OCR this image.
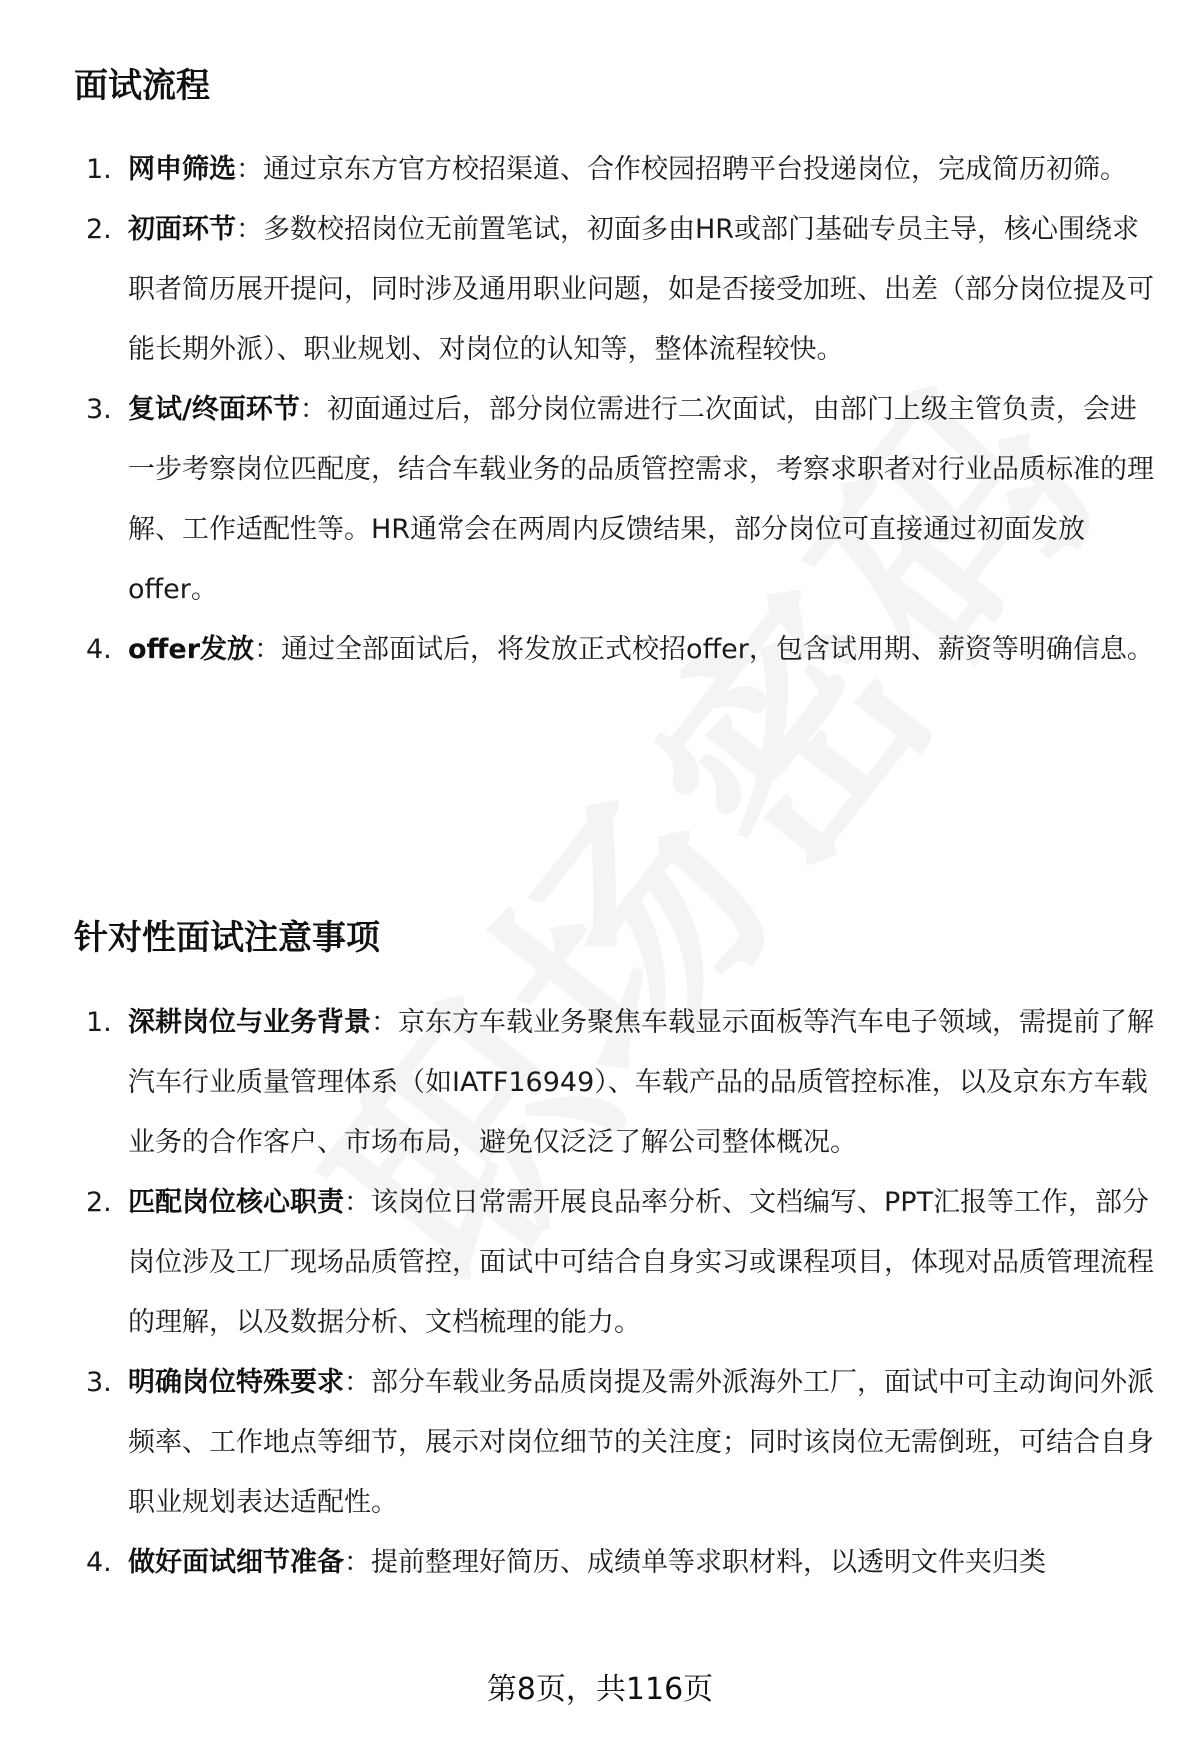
面试流程
1. 网申筛选：通过京东方官方校招渠道、合作校园招聘平台投递岗位，完成简历初筛。
2. 初面环节：多数校招岗位无前置笔试，初面多由HR或部门基础专员主导，核心围绕求职者简历展开提问，同时涉及通用职业问题，如是否接受加班、出差（部分岗位提及可能长期外派）、职业规划、对岗位的认知等，整体流程较快。
3. 复试/终面环节：初面通过后，部分岗位需进行二次面试，由部门上级主管负责，会进一步考察岗位匹配度，结合车载业务的品质管控需求，考察求职者对行业品质标准的理解、工作适配性等。HR通常会在两周内反馈结果，部分岗位可直接通过初面发放offer。
4. offer发放：通过全部面试后，将发放正式校招offer，包含试用期、薪资等明确信息。
针对性面试注意事项
1. 深耕岗位与业务背景：京东方车载业务聚焦车载显示面板等汽车电子领域，需提前了解汽车行业质量管理体系（如IATF16949）、车载产品的品质管控标准，以及京东方车载业务的合作客户、市场布局，避免仅泛泛了解公司整体概况。
2. 匹配岗位核心职责：该岗位日常需开展良品率分析、文档编写、PPT汇报等工作，部分岗位涉及工厂现场品质管控，面试中可结合自身实习或课程项目，体现对品质管理流程的理解，以及数据分析、文档梳理的能力。
3. 明确岗位特殊要求：部分车载业务品质岗提及需外派海外工厂，面试中可主动询问外派频率、工作地点等细节，展示对岗位细节的关注度；同时该岗位无需倒班，可结合自身职业规划表达适配性。
4. 做好面试细节准备：提前整理好简历、成绩单等求职材料，以透明文件夹归类
第8页，共116页
